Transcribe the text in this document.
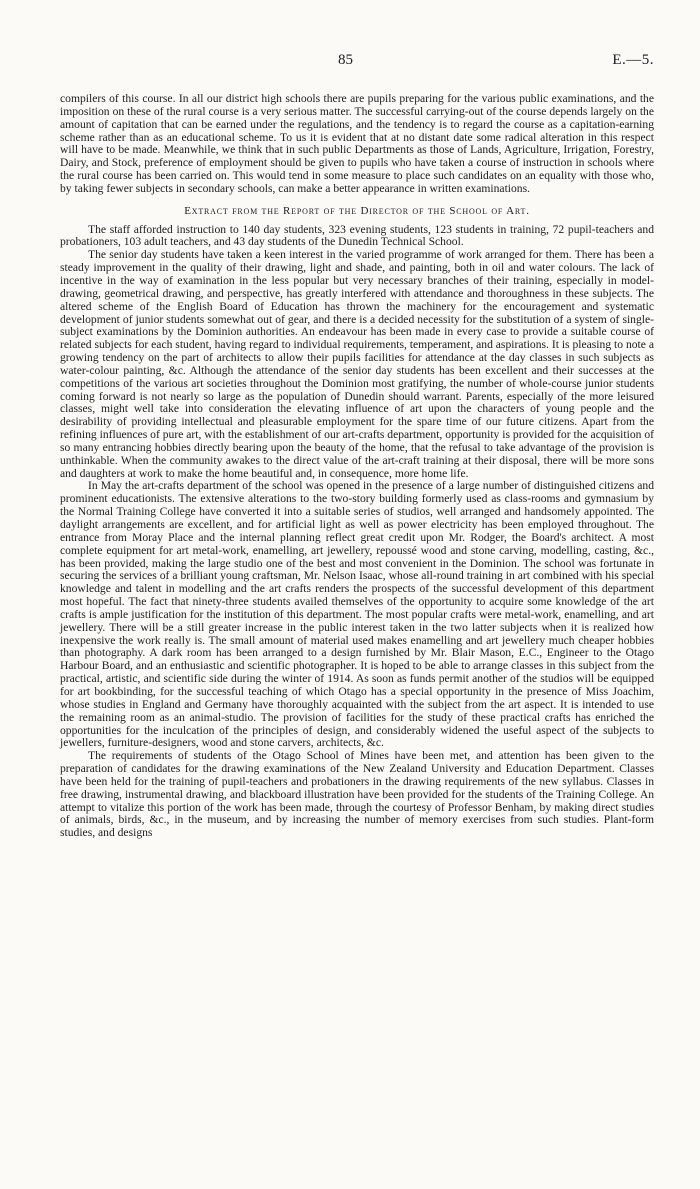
85	E.—5.

compilers of this course. In all our district high schools there are pupils preparing for the various public examinations, and the imposition on these of the rural course is a very serious matter. The successful carrying-out of the course depends largely on the amount of capitation that can be earned under the regulations, and the tendency is to regard the course as a capitation-earning scheme rather than as an educational scheme. To us it is evident that at no distant date some radical alteration in this respect will have to be made. Meanwhile, we think that in such public Departments as those of Lands, Agriculture, Irrigation, Forestry, Dairy, and Stock, preference of employment should be given to pupils who have taken a course of instruction in schools where the rural course has been carried on. This would tend in some measure to place such candidates on an equality with those who, by taking fewer subjects in secondary schools, can make a better appearance in written examinations.

Extract from the Report of the Director of the School of Art.

The staff afforded instruction to 140 day students, 323 evening students, 123 students in training, 72 pupil-teachers and probationers, 103 adult teachers, and 43 day students of the Dunedin Technical School.

The senior day students have taken a keen interest in the varied programme of work arranged for them. There has been a steady improvement in the quality of their drawing, light and shade, and painting, both in oil and water colours. The lack of incentive in the way of examination in the less popular but very necessary branches of their training, especially in model-drawing, geometrical drawing, and perspective, has greatly interfered with attendance and thoroughness in these subjects. The altered scheme of the English Board of Education has thrown the machinery for the encouragement and systematic development of junior students somewhat out of gear, and there is a decided necessity for the substitution of a system of single-subject examinations by the Dominion authorities. An endeavour has been made in every case to provide a suitable course of related subjects for each student, having regard to individual requirements, temperament, and aspirations. It is pleasing to note a growing tendency on the part of architects to allow their pupils facilities for attendance at the day classes in such subjects as water-colour painting, &c. Although the attendance of the senior day students has been excellent and their successes at the competitions of the various art societies throughout the Dominion most gratifying, the number of whole-course junior students coming forward is not nearly so large as the population of Dunedin should warrant. Parents, especially of the more leisured classes, might well take into consideration the elevating influence of art upon the characters of young people and the desirability of providing intellectual and pleasurable employment for the spare time of our future citizens. Apart from the refining influences of pure art, with the establishment of our art-crafts department, opportunity is provided for the acquisition of so many entrancing hobbies directly bearing upon the beauty of the home, that the refusal to take advantage of the provision is unthinkable. When the community awakes to the direct value of the art-craft training at their disposal, there will be more sons and daughters at work to make the home beautiful and, in consequence, more home life.

In May the art-crafts department of the school was opened in the presence of a large number of distinguished citizens and prominent educationists. The extensive alterations to the two-story building formerly used as class-rooms and gymnasium by the Normal Training College have converted it into a suitable series of studios, well arranged and handsomely appointed. The daylight arrangements are excellent, and for artificial light as well as power electricity has been employed throughout. The entrance from Moray Place and the internal planning reflect great credit upon Mr. Rodger, the Board's architect. A most complete equipment for art metal-work, enamelling, art jewellery, repoussé wood and stone carving, modelling, casting, &c., has been provided, making the large studio one of the best and most convenient in the Dominion. The school was fortunate in securing the services of a brilliant young craftsman, Mr. Nelson Isaac, whose all-round training in art combined with his special knowledge and talent in modelling and the art crafts renders the prospects of the successful development of this department most hopeful. The fact that ninety-three students availed themselves of the opportunity to acquire some knowledge of the art crafts is ample justification for the institution of this department. The most popular crafts were metal-work, enamelling, and art jewellery. There will be a still greater increase in the public interest taken in the two latter subjects when it is realized how inexpensive the work really is. The small amount of material used makes enamelling and art jewellery much cheaper hobbies than photography. A dark room has been arranged to a design furnished by Mr. Blair Mason, E.C., Engineer to the Otago Harbour Board, and an enthusiastic and scientific photographer. It is hoped to be able to arrange classes in this subject from the practical, artistic, and scientific side during the winter of 1914. As soon as funds permit another of the studios will be equipped for art bookbinding, for the successful teaching of which Otago has a special opportunity in the presence of Miss Joachim, whose studies in England and Germany have thoroughly acquainted with the subject from the art aspect. It is intended to use the remaining room as an animal-studio. The provision of facilities for the study of these practical crafts has enriched the opportunities for the inculcation of the principles of design, and considerably widened the useful aspect of the subjects to jewellers, furniture-designers, wood and stone carvers, architects, &c.

The requirements of students of the Otago School of Mines have been met, and attention has been given to the preparation of candidates for the drawing examinations of the New Zealand University and Education Department. Classes have been held for the training of pupil-teachers and probationers in the drawing requirements of the new syllabus. Classes in free drawing, instrumental drawing, and blackboard illustration have been provided for the students of the Training College. An attempt to vitalize this portion of the work has been made, through the courtesy of Professor Benham, by making direct studies of animals, birds, &c., in the museum, and by increasing the number of memory exercises from such studies. Plant-form studies, and designs
